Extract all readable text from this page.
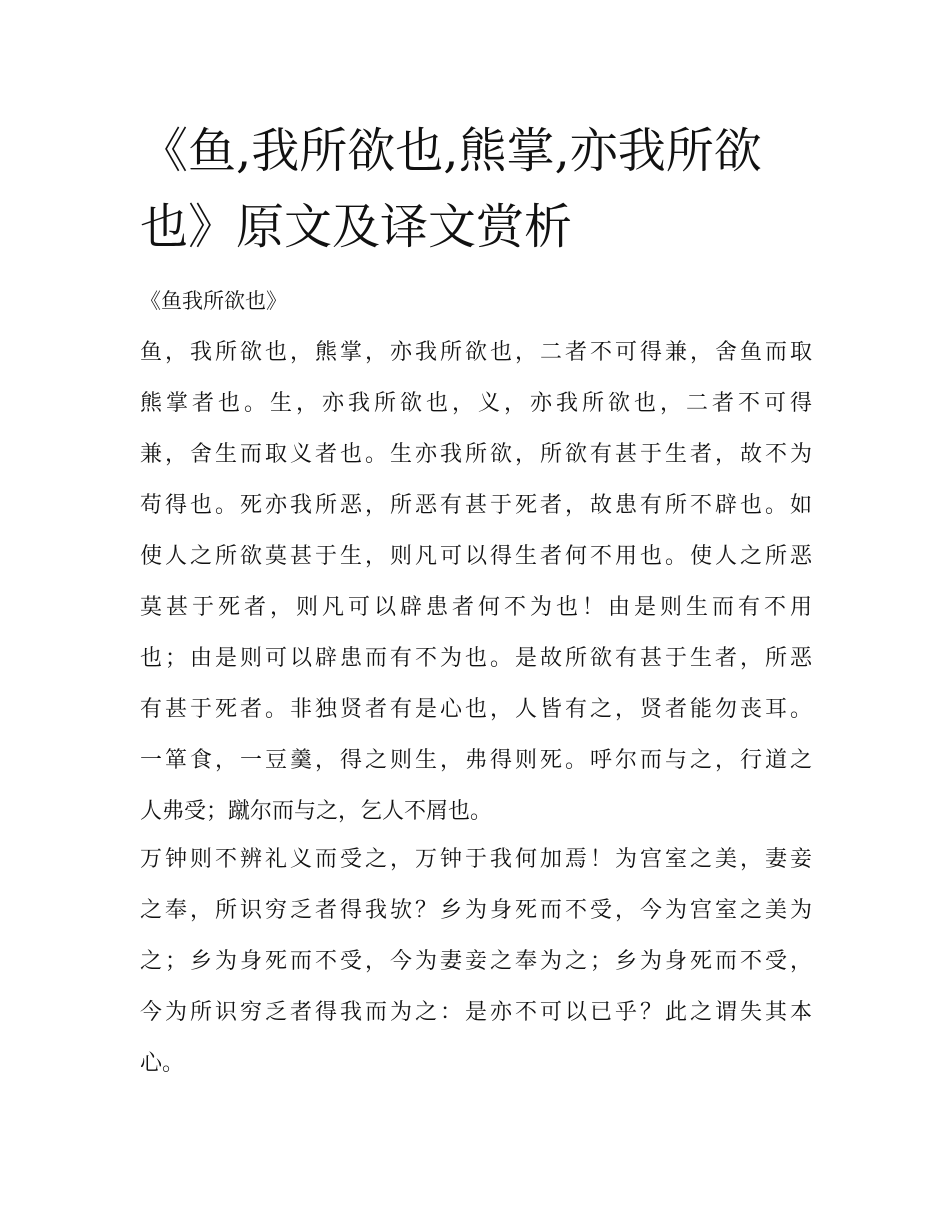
《鱼,我所欲也,熊掌,亦我所欲
也》原文及译文赏析
《鱼我所欲也》
鱼，我所欲也，熊掌，亦我所欲也，二者不可得兼，舍鱼而取
熊掌者也。生，亦我所欲也，义，亦我所欲也，二者不可得
兼，舍生而取义者也。生亦我所欲，所欲有甚于生者，故不为
苟得也。死亦我所恶，所恶有甚于死者，故患有所不辟也。如
使人之所欲莫甚于生，则凡可以得生者何不用也。使人之所恶
莫甚于死者，则凡可以辟患者何不为也！由是则生而有不用
也；由是则可以辟患而有不为也。是故所欲有甚于生者，所恶
有甚于死者。非独贤者有是心也，人皆有之，贤者能勿丧耳。
一箪食，一豆羹，得之则生，弗得则死。呼尔而与之，行道之
人弗受；蹴尔而与之，乞人不屑也。
万钟则不辨礼义而受之，万钟于我何加焉！为宫室之美，妻妾
之奉，所识穷乏者得我欤？乡为身死而不受，今为宫室之美为
之；乡为身死而不受，今为妻妾之奉为之；乡为身死而不受，
今为所识穷乏者得我而为之：是亦不可以已乎？此之谓失其本
心。
